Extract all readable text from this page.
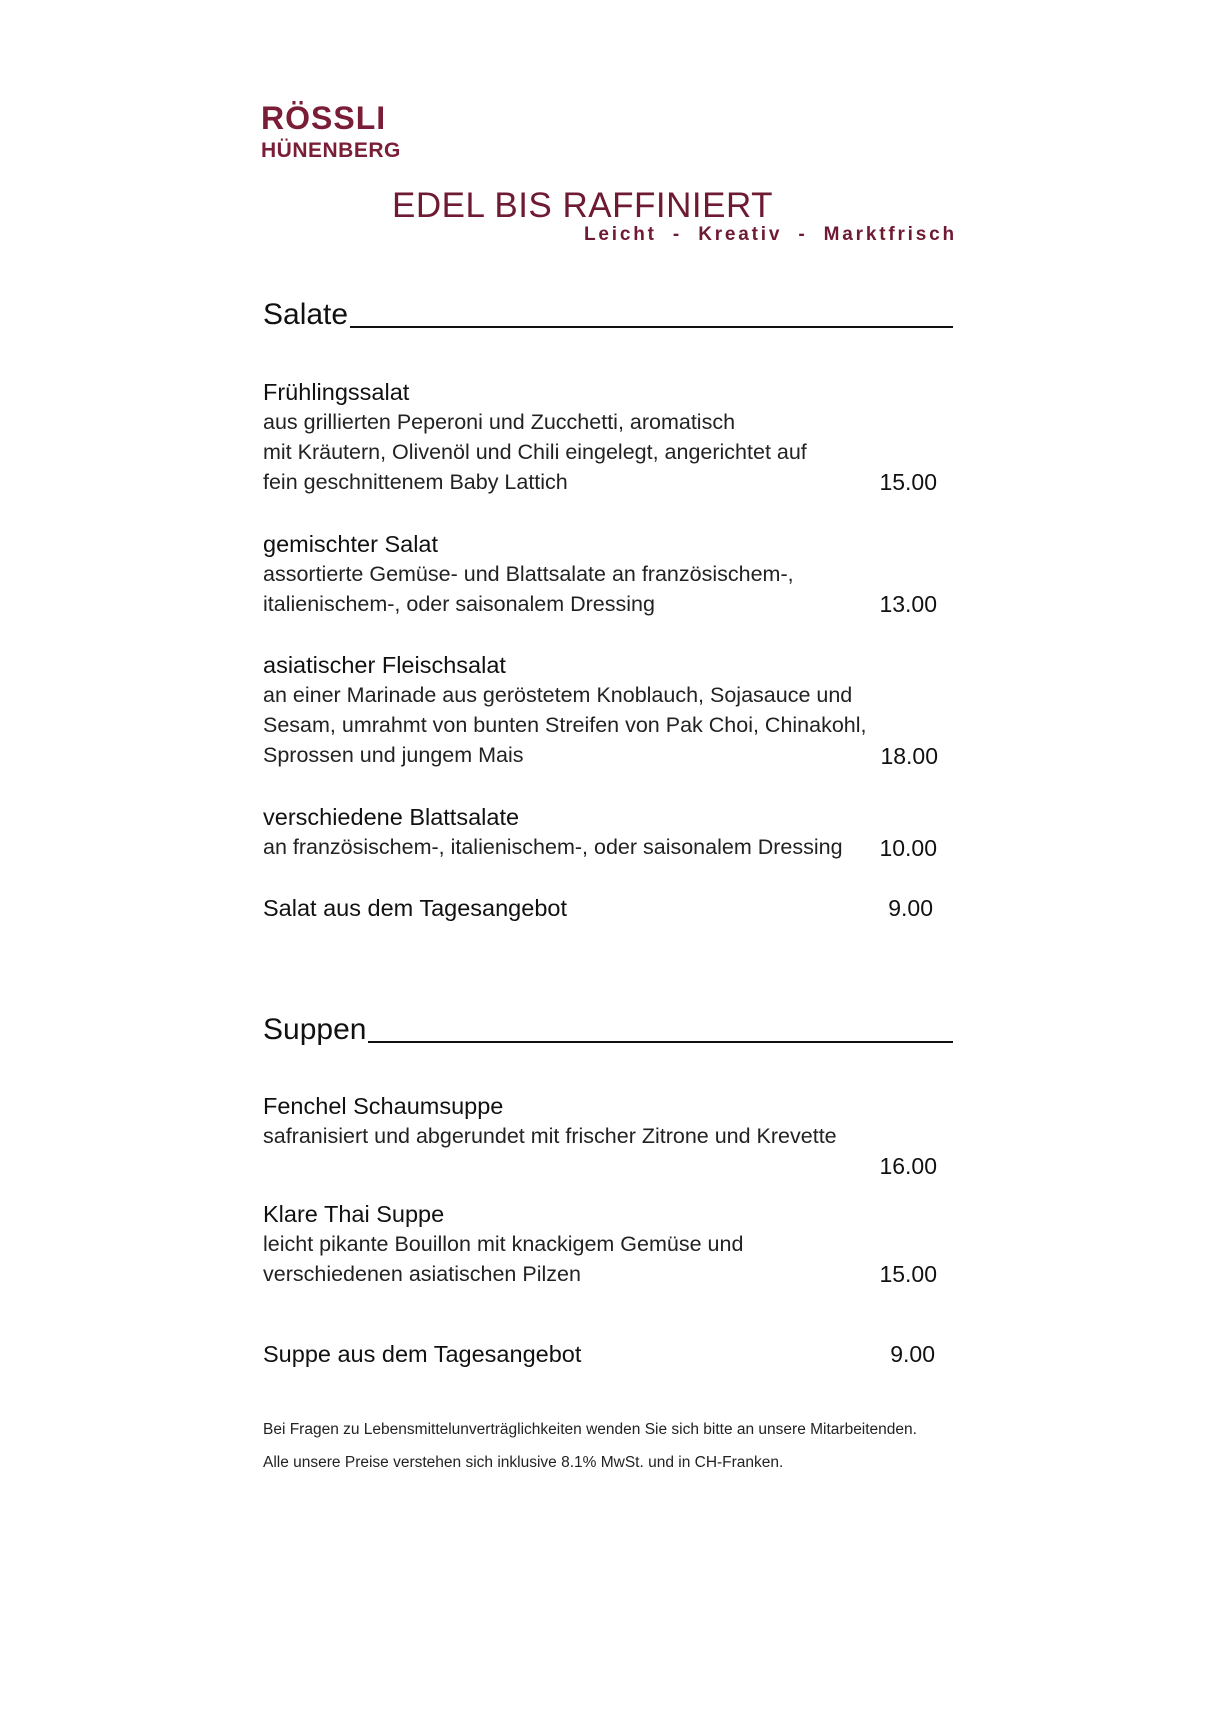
RÖSSLI
HÜNENBERG
EDEL BIS RAFFINIERT
Leicht  -  Kreativ  -  Marktfrisch
Salate
Frühlingssalat
aus grillierten Peperoni und Zucchetti, aromatisch
mit Kräutern, Olivenöl und Chili eingelegt, angerichtet auf
fein geschnittenem Baby Lattich	15.00
gemischter Salat
assortierte Gemüse- und Blattsalate an französischem-,
italienischem-, oder saisonalem Dressing	13.00
asiatischer Fleischsalat
an einer Marinade aus geröstetem Knoblauch, Sojasauce und
Sesam, umrahmt von bunten Streifen von Pak Choi, Chinakohl,
Sprossen und jungem Mais	18.00
verschiedene Blattsalate
an französischem-, italienischem-, oder saisonalem Dressing	10.00
Salat aus dem Tagesangebot	9.00
Suppen
Fenchel Schaumsuppe
safranisiert und abgerundet mit frischer Zitrone und Krevette
16.00
Klare Thai Suppe
leicht pikante Bouillon mit knackigem Gemüse und
verschiedenen asiatischen Pilzen	15.00
Suppe aus dem Tagesangebot	9.00
Bei Fragen zu Lebensmittelunverträglichkeiten wenden Sie sich bitte an unsere Mitarbeitenden.
Alle unsere Preise verstehen sich inklusive 8.1% MwSt. und in CH-Franken.
